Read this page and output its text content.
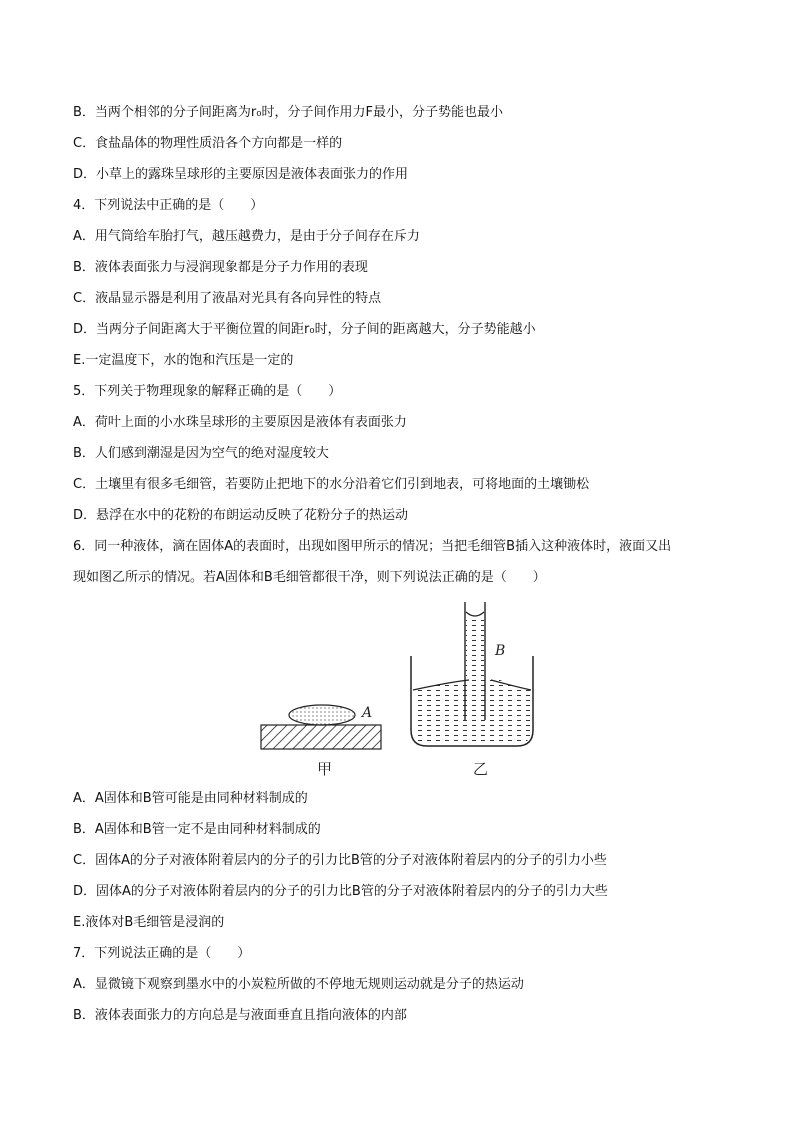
B．当两个相邻的分子间距离为r₀时，分子间作用力F最小，分子势能也最小
C．食盐晶体的物理性质沿各个方向都是一样的
D．小草上的露珠呈球形的主要原因是液体表面张力的作用
4．下列说法中正确的是（　　）
A．用气筒给车胎打气，越压越费力，是由于分子间存在斥力
B．液体表面张力与浸润现象都是分子力作用的表现
C．液晶显示器是利用了液晶对光具有各向异性的特点
D．当两分子间距离大于平衡位置的间距r₀时，分子间的距离越大，分子势能越小
E.一定温度下，水的饱和汽压是一定的
5．下列关于物理现象的解释正确的是（　　）
A．荷叶上面的小水珠呈球形的主要原因是液体有表面张力
B．人们感到潮湿是因为空气的绝对湿度较大
C．土壤里有很多毛细管，若要防止把地下的水分沿着它们引到地表，可将地面的土壤锄松
D．悬浮在水中的花粉的布朗运动反映了花粉分子的热运动
6．同一种液体，滴在固体A的表面时，出现如图甲所示的情况；当把毛细管B插入这种液体时，液面又出
现如图乙所示的情况。若A固体和B毛细管都很干净，则下列说法正确的是（　　）
A．A固体和B管可能是由同种材料制成的
B．A固体和B管一定不是由同种材料制成的
C．固体A的分子对液体附着层内的分子的引力比B管的分子对液体附着层内的分子的引力小些
D．固体A的分子对液体附着层内的分子的引力比B管的分子对液体附着层内的分子的引力大些
E.液体对B毛细管是浸润的
7．下列说法正确的是（　　）
A．显微镜下观察到墨水中的小炭粒所做的不停地无规则运动就是分子的热运动
B．液体表面张力的方向总是与液面垂直且指向液体的内部
A
甲
B
乙
